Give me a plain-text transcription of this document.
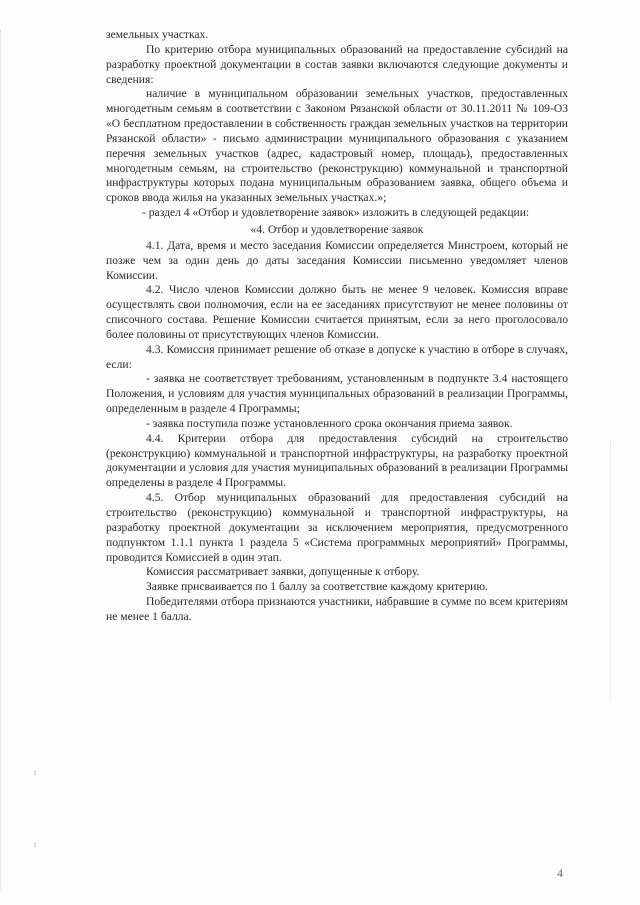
земельных участках.

По критерию отбора муниципальных образований на предоставление субсидий на разработку проектной документации в состав заявки включаются следующие документы и сведения:

наличие в муниципальном образовании земельных участков, предоставленных многодетным семьям в соответствии с Законом Рязанской области от 30.11.2011 № 109-ОЗ «О бесплатном предоставлении в собственность граждан земельных участков на территории Рязанской области» - письмо администрации муниципального образования с указанием перечня земельных участков (адрес, кадастровый номер, площадь), предоставленных многодетным семьям, на строительство (реконструкцию) коммунальной и транспортной инфраструктуры которых подана муниципальным образованием заявка, общего объема и сроков ввода жилья на указанных земельных участках.»;

- раздел 4 «Отбор и удовлетворение заявок» изложить в следующей редакции:

«4. Отбор и удовлетворение заявок

4.1. Дата, время и место заседания Комиссии определяется Минстроем, который не позже чем за один день до даты заседания Комиссии письменно уведомляет членов Комиссии.

4.2. Число членов Комиссии должно быть не менее 9 человек. Комиссия вправе осуществлять свои полномочия, если на ее заседаниях присутствуют не менее половины от списочного состава. Решение Комиссии считается принятым, если за него проголосовало более половины от присутствующих членов Комиссии.

4.3. Комиссия принимает решение об отказе в допуске к участию в отборе в случаях, если:

- заявка не соответствует требованиям, установленным в подпункте 3.4 настоящего Положения, и условиям для участия муниципальных образований в реализации Программы, определенным в разделе 4 Программы;

- заявка поступила позже установленного срока окончания приема заявок.

4.4. Критерии отбора для предоставления субсидий на строительство (реконструкцию) коммунальной и транспортной инфраструктуры, на разработку проектной документации и условия для участия муниципальных образований в реализации Программы определены в разделе 4 Программы.

4.5. Отбор муниципальных образований для предоставления субсидий на строительство (реконструкцию) коммунальной и транспортной инфраструктуры, на разработку проектной документации за исключением мероприятия, предусмотренного подпунктом 1.1.1 пункта 1 раздела 5 «Система программных мероприятий» Программы, проводится Комиссией в один этап.

Комиссия рассматривает заявки, допущенные к отбору.

Заявке присваивается по 1 баллу за соответствие каждому критерию.

Победителями отбора признаются участники, набравшие в сумме по всем критериям не менее 1 балла.

4
